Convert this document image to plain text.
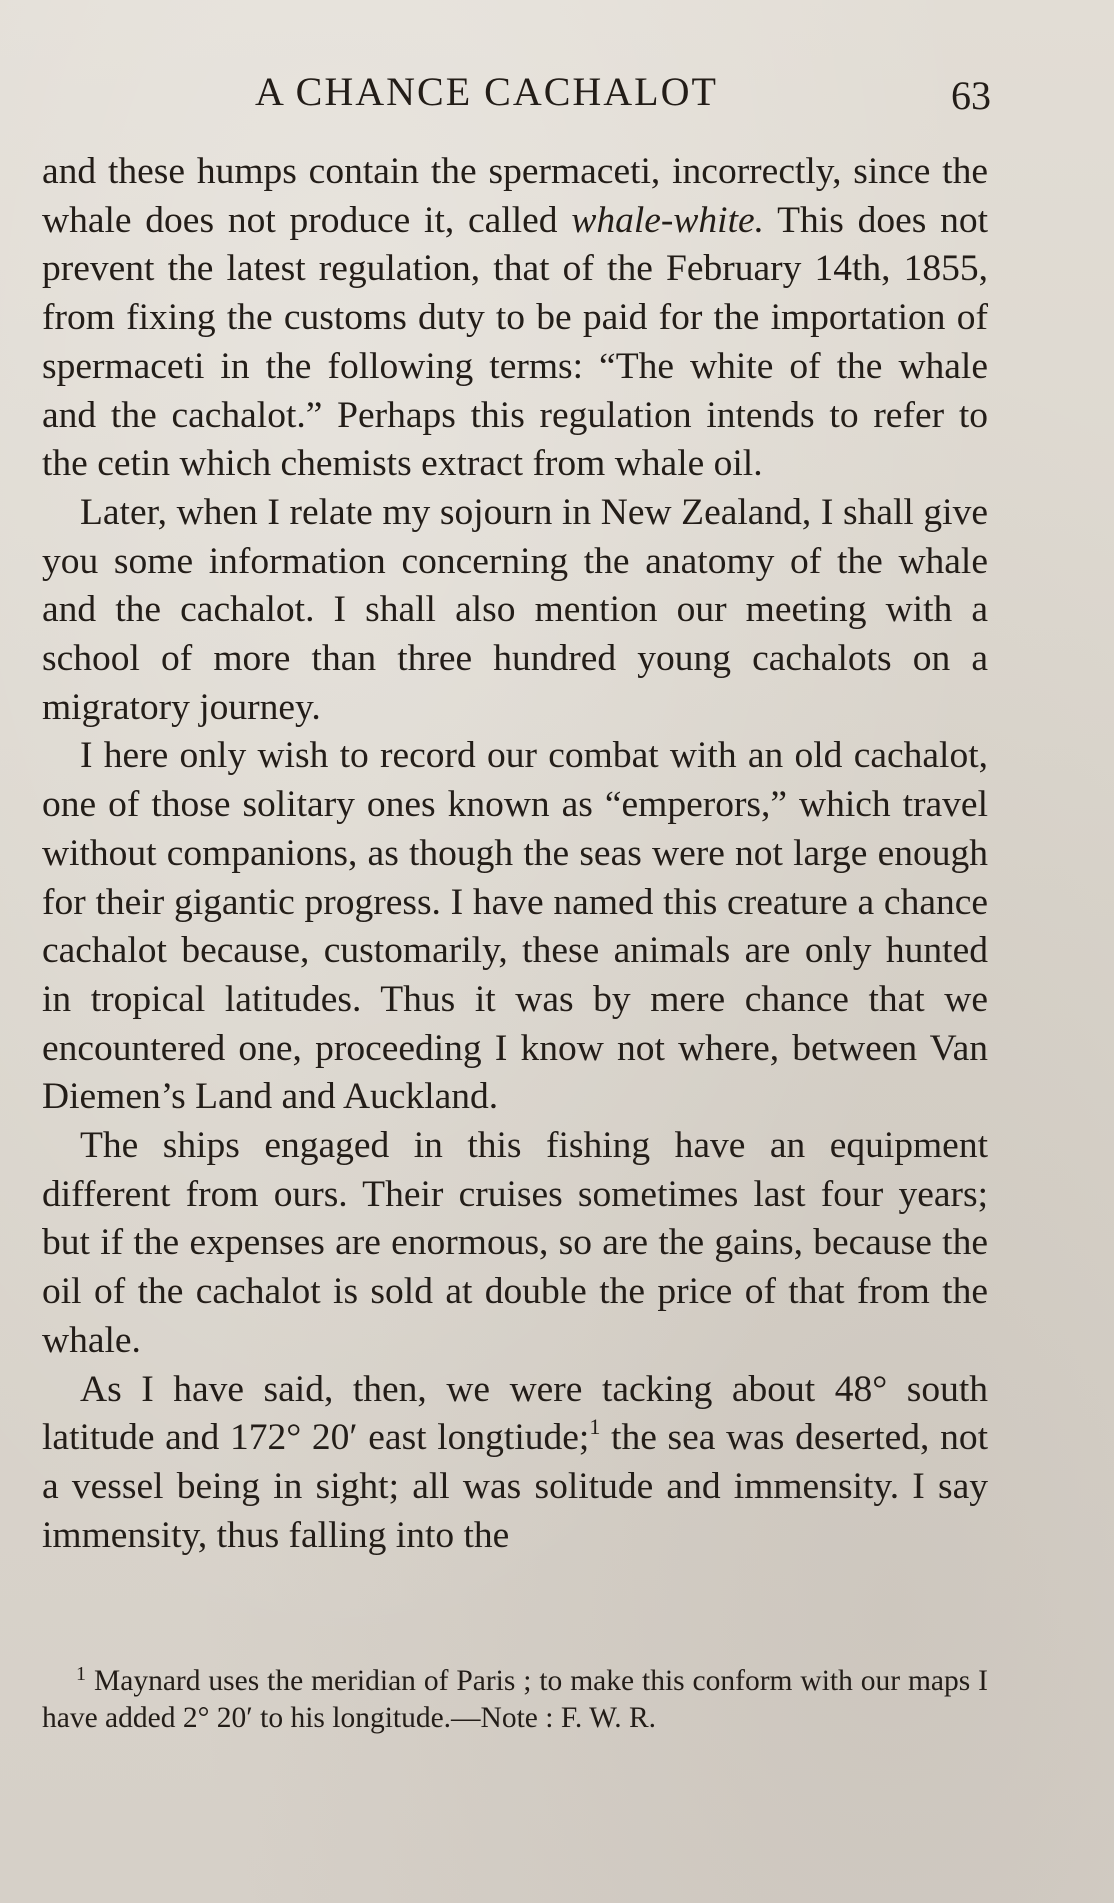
A CHANCE CACHALOT	63

and these humps contain the spermaceti, incorrectly, since the whale does not produce it, called whale-white. This does not prevent the latest regulation, that of the February 14th, 1855, from fixing the customs duty to be paid for the importation of spermaceti in the following terms: “The white of the whale and the cachalot.” Perhaps this regulation intends to refer to the cetin which chemists extract from whale oil.

Later, when I relate my sojourn in New Zealand, I shall give you some information concerning the anatomy of the whale and the cachalot. I shall also mention our meeting with a school of more than three hundred young cachalots on a migratory journey.

I here only wish to record our combat with an old cachalot, one of those solitary ones known as “emperors,” which travel without companions, as though the seas were not large enough for their gigantic progress. I have named this creature a chance cachalot because, customarily, these animals are only hunted in tropical latitudes. Thus it was by mere chance that we encountered one, proceeding I know not where, between Van Diemen’s Land and Auckland.

The ships engaged in this fishing have an equipment different from ours. Their cruises sometimes last four years; but if the expenses are enormous, so are the gains, because the oil of the cachalot is sold at double the price of that from the whale.

As I have said, then, we were tacking about 48° south latitude and 172° 20′ east longtiude;$^1$ the sea was deserted, not a vessel being in sight; all was solitude and immensity. I say immensity, thus falling into the

$^1$ Maynard uses the meridian of Paris ; to make this conform with our maps I have added 2° 20′ to his longitude.—Note : F. W. R.
